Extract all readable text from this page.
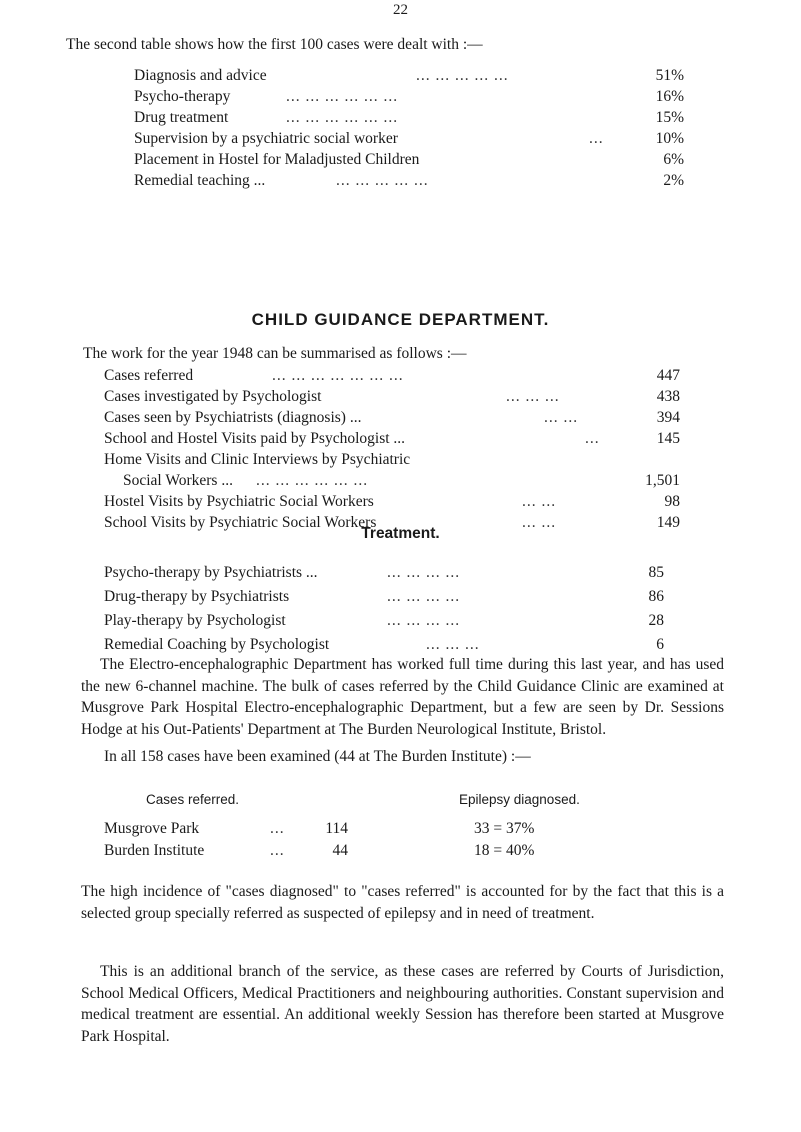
22
The second table shows how the first 100 cases were dealt with :—
Diagnosis and advice	... ... ... ... ...	51%
Psycho-therapy	... ... ... ... ... ...	16%
Drug treatment	... ... ... ... ... ...	15%
Supervision by a psychiatric social worker	...	10%
Placement in Hostel for Maladjusted Children	6%
Remedial teaching ...	... ... ... ... ...	2%
CHILD GUIDANCE DEPARTMENT.
The work for the year 1948 can be summarised as follows :—
Cases referred	... ... ... ... ... ... ...	447
Cases investigated by Psychologist	... ... ...	438
Cases seen by Psychiatrists (diagnosis) ...	... ...	394
School and Hostel Visits paid by Psychologist ...	...	145
Home Visits and Clinic Interviews by Psychiatric
Social Workers ... ... ... ... ... ... ...	1,501
Hostel Visits by Psychiatric Social Workers	... ...	98
School Visits by Psychiatric Social Workers	... ...	149
Treatment.
Psycho-therapy by Psychiatrists ...	... ... ... ...	85
Drug-therapy by Psychiatrists	... ... ... ...	86
Play-therapy by Psychologist	... ... ... ...	28
Remedial Coaching by Psychologist	... ... ...	6
The Electro-encephalographic Department has worked full time during this last year, and has used the new 6-channel machine. The bulk of cases referred by the Child Guidance Clinic are examined at Musgrove Park Hospital Electro-encephalographic Department, but a few are seen by Dr. Sessions Hodge at his Out-Patients' Department at The Burden Neurological Institute, Bristol.
In all 158 cases have been examined (44 at The Burden Institute) :—
Cases referred.	Epilepsy diagnosed.
Musgrove Park	...	114	33 = 37%
Burden Institute	...	44	18 = 40%
The high incidence of "cases diagnosed" to "cases referred" is accounted for by the fact that this is a selected group specially referred as suspected of epilepsy and in need of treatment.
This is an additional branch of the service, as these cases are referred by Courts of Jurisdiction, School Medical Officers, Medical Practitioners and neighbouring authorities. Constant supervision and medical treatment are essential. An additional weekly Session has therefore been started at Musgrove Park Hospital.
